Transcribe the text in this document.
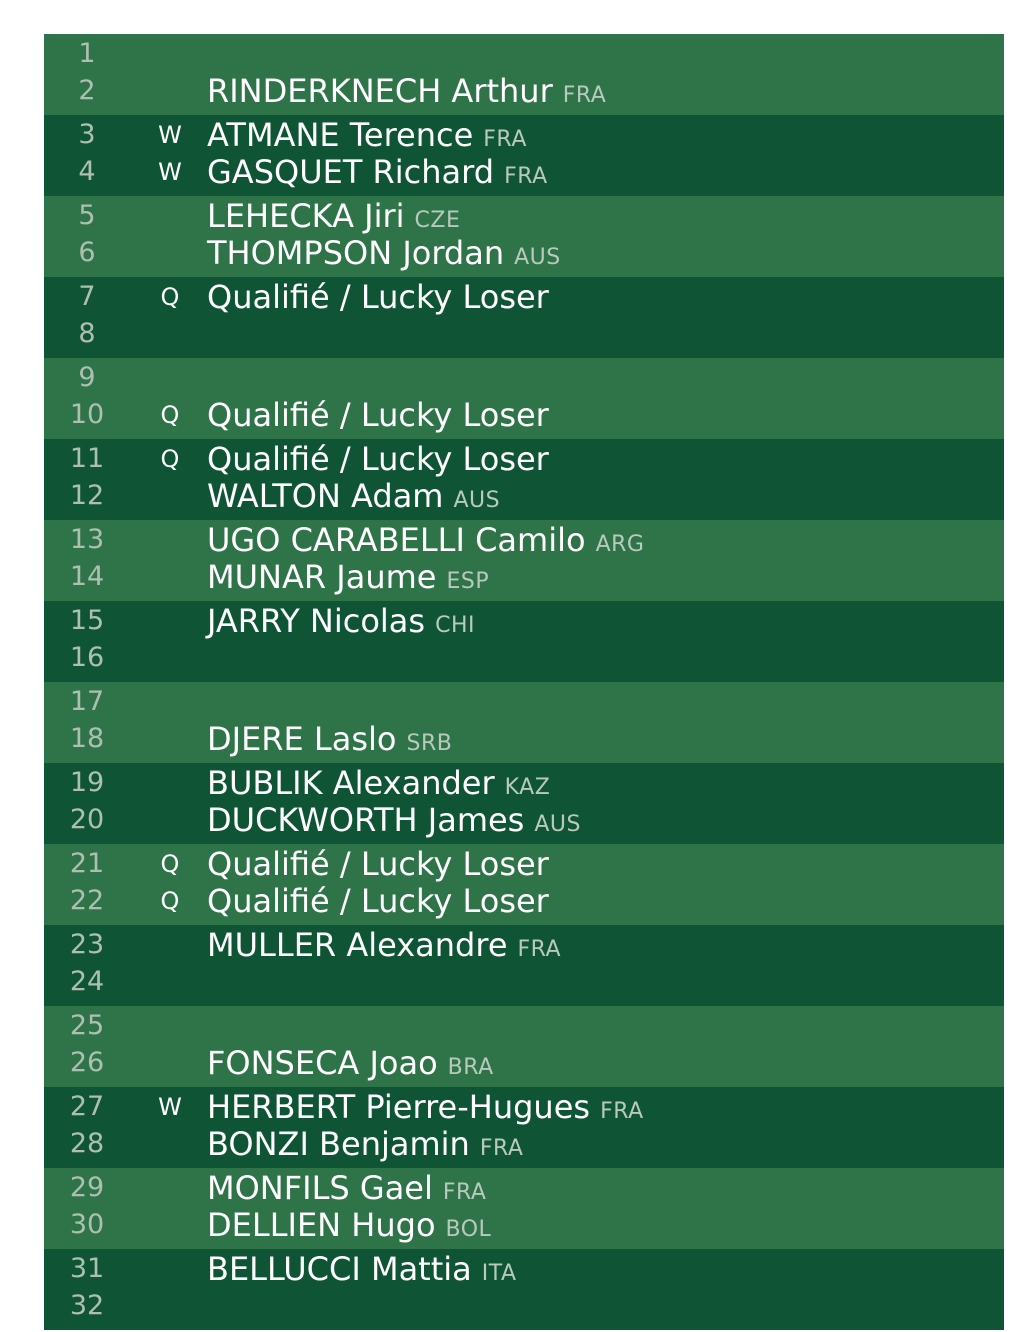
1
2	RINDERKNECH Arthur FRA
3	W ATMANE Terence FRA
4	W GASQUET Richard FRA
5	LEHECKA Jiri CZE
6	THOMPSON Jordan AUS
7	Q Qualifié / Lucky Loser
8
9
10	Q Qualifié / Lucky Loser
11	Q Qualifié / Lucky Loser
12	WALTON Adam AUS
13	UGO CARABELLI Camilo ARG
14	MUNAR Jaume ESP
15	JARRY Nicolas CHI
16
17
18	DJERE Laslo SRB
19	BUBLIK Alexander KAZ
20	DUCKWORTH James AUS
21	Q Qualifié / Lucky Loser
22	Q Qualifié / Lucky Loser
23	MULLER Alexandre FRA
24
25
26	FONSECA Joao BRA
27	W HERBERT Pierre-Hugues FRA
28	BONZI Benjamin FRA
29	MONFILS Gael FRA
30	DELLIEN Hugo BOL
31	BELLUCCI Mattia ITA
32
